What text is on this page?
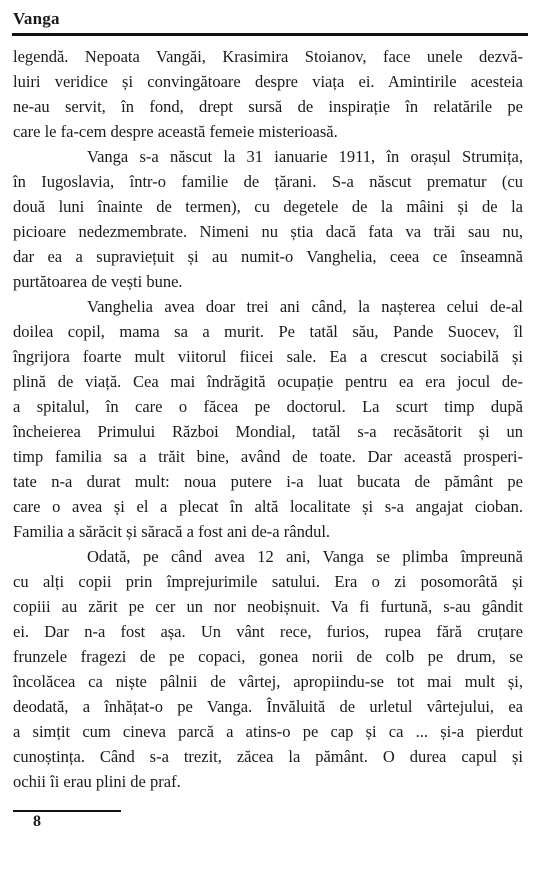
Vanga
legendă. Nepoata Vangăi, Krasimira Stoianov, face unele dezvă-
luiri veridice și convingătoare despre viața ei. Amintirile acesteia
ne-au servit, în fond, drept sursă de inspirație în relatările pe
care le fa-cem despre această femeie misterioasă.
Vanga s-a născut la 31 ianuarie 1911, în orașul Strumița,
în Iugoslavia, într-o familie de țărani. S-a născut prematur (cu
două luni înainte de termen), cu degetele de la mâini și de la
picioare nedezmembrate. Nimeni nu știa dacă fata va trăi sau nu,
dar ea a supraviețuit și au numit-o Vanghelia, ceea ce înseamnă
purtătoarea de vești bune.
Vanghelia avea doar trei ani când, la nașterea celui de-al
doilea copil, mama sa a murit. Pe tatăl său, Pande Suocev, îl
îngrijora foarte mult viitorul fiicei sale. Ea a crescut sociabilă și
plină de viață. Cea mai îndrăgită ocupație pentru ea era jocul de-
a spitalul, în care o făcea pe doctorul. La scurt timp după
încheierea Primului Război Mondial, tatăl s-a recăsătorit și un
timp familia sa a trăit bine, având de toate. Dar această prosperi-
tate n-a durat mult: noua putere i-a luat bucata de pământ pe
care o avea și el a plecat în altă localitate și s-a angajat cioban.
Familia a sărăcit și săracă a fost ani de-a rândul.
Odată, pe când avea 12 ani, Vanga se plimba împreună
cu alți copii prin împrejurimile satului. Era o zi posomorâtă și
copiii au zărit pe cer un nor neobișnuit. Va fi furtună, s-au gândit
ei. Dar n-a fost așa. Un vânt rece, furios, rupea fără cruțare
frunzele fragezi de pe copaci, gonea norii de colb pe drum, se
încolăcea ca niște pâlnii de vârtej, apropiindu-se tot mai mult și,
deodată, a înhățat-o pe Vanga. Învăluită de urletul vârtejului, ea
a simțit cum cineva parcă a atins-o pe cap și ca ... și-a pierdut
cunoștința. Când s-a trezit, zăcea la pământ. O durea capul și
ochii îi erau plini de praf.
8
